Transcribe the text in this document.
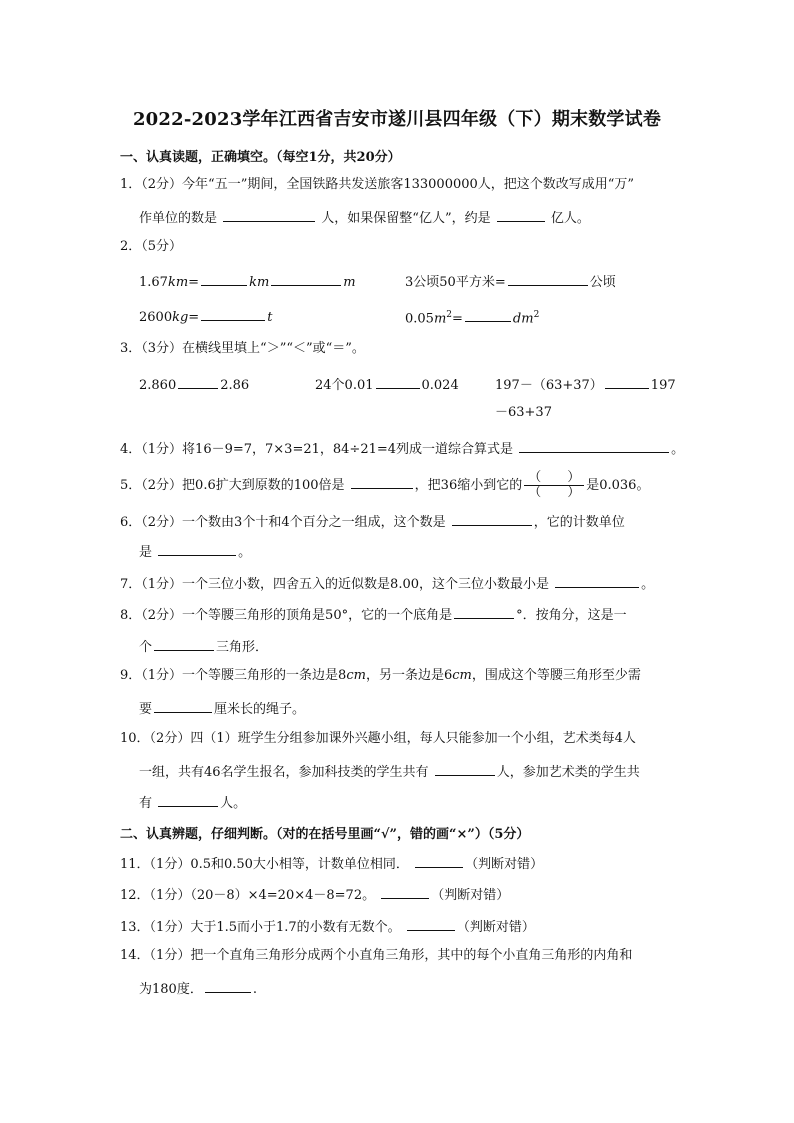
2022-2023学年江西省吉安市遂川县四年级（下）期末数学试卷
一、认真读题，正确填空。（每空1分，共20分）
1．（2分）今年“五一”期间，全国铁路共发送旅客133000000人，把这个数改写成用“万”
作单位的数是	人，如果保留整“亿人”，约是	亿人。
2．（5分）
1.67km=	km	m	3公顷50平方米=	公顷
2600kg=	t	$0.05m^2=$	$dm^2$
3．（3分）在横线里填上“＞”“＜”或“＝”。
2.860	2.86	24个0.01	0.024	197－（63+37）	197
－63+37
4．（1分）将16－9=7，7×3=21，84÷21=4列成一道综合算式是	。
5．（2分）把0.6扩大到原数的100倍是	，把36缩小到它的 $\frac{( )}{( )}$ 是0.036。
6．（2分）一个数由3个十和4个百分之一组成，这个数是	，它的计数单位
是	。
7．（1分）一个三位小数，四舍五入的近似数是8.00，这个三位小数最小是	。
8．（2分）一个等腰三角形的顶角是50°，它的一个底角是	°．按角分，这是一
个	三角形．
9．（1分）一个等腰三角形的一条边是8cm，另一条边是6cm，围成这个等腰三角形至少需
要	厘米长的绳子。
10．（2分）四（1）班学生分组参加课外兴趣小组，每人只能参加一个小组，艺术类每4人
一组，共有46名学生报名，参加科技类的学生共有	人，参加艺术类的学生共
有	人。
二、认真辨题，仔细判断。（对的在括号里画“√”，错的画“×”）（5分）
11．（1分）0.5和0.50大小相等，计数单位相同．	（判断对错）
12．（1分）（20－8）×4=20×4－8=72。	（判断对错）
13．（1分）大于1.5而小于1.7的小数有无数个。	（判断对错）
14．（1分）把一个直角三角形分成两个小直角三角形，其中的每个小直角三角形的内角和
为180度．	.
